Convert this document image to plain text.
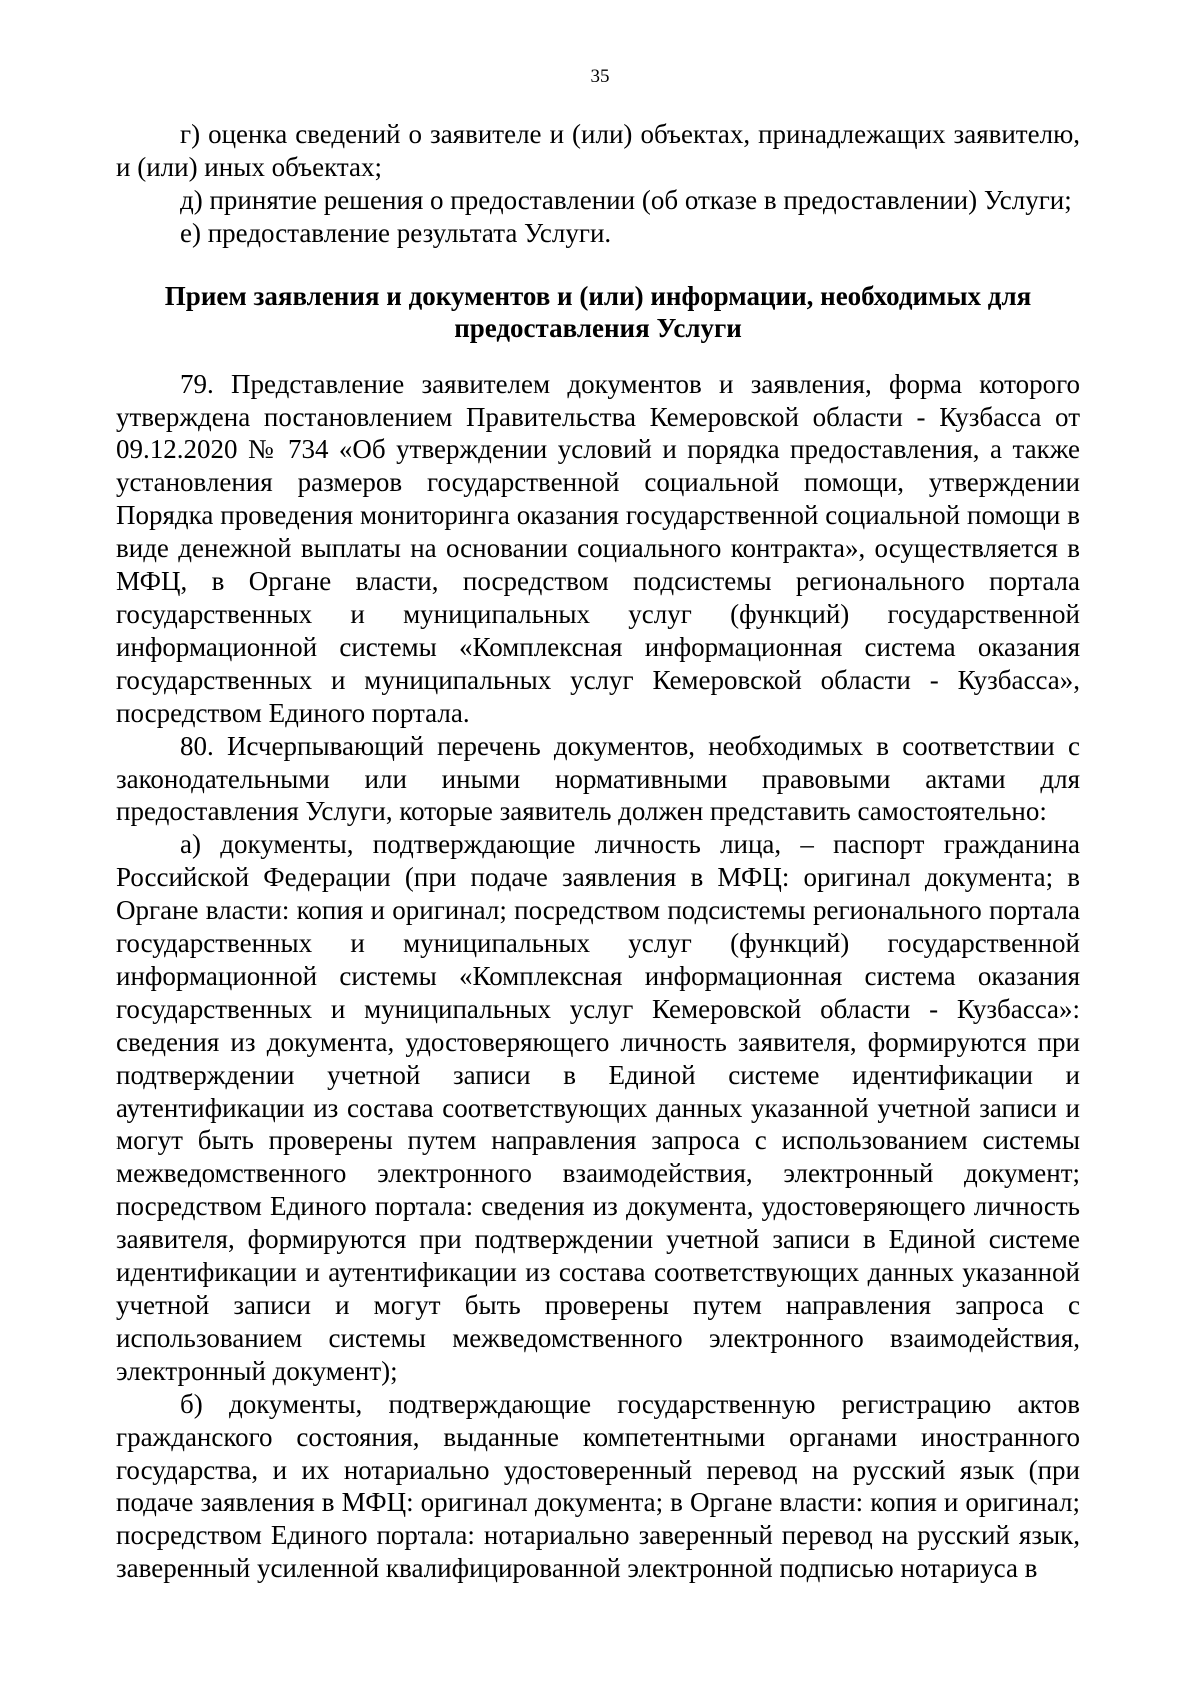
35

г) оценка сведений о заявителе и (или) объектах, принадлежащих заявителю, и (или) иных объектах;

д) принятие решения о предоставлении (об отказе в предоставлении) Услуги;

е) предоставление результата Услуги.

Прием заявления и документов и (или) информации, необходимых для предоставления Услуги

79. Представление заявителем документов и заявления, форма которого утверждена постановлением Правительства Кемеровской области - Кузбасса от 09.12.2020 № 734 «Об утверждении условий и порядка предоставления, а также установления размеров государственной социальной помощи, утверждении Порядка проведения мониторинга оказания государственной социальной помощи в виде денежной выплаты на основании социального контракта», осуществляется в МФЦ, в Органе власти, посредством подсистемы регионального портала государственных и муниципальных услуг (функций) государственной информационной системы «Комплексная информационная система оказания государственных и муниципальных услуг Кемеровской области - Кузбасса», посредством Единого портала.

80. Исчерпывающий перечень документов, необходимых в соответствии с законодательными или иными нормативными правовыми актами для предоставления Услуги, которые заявитель должен представить самостоятельно:

а) документы, подтверждающие личность лица, – паспорт гражданина Российской Федерации (при подаче заявления в МФЦ: оригинал документа; в Органе власти: копия и оригинал; посредством подсистемы регионального портала государственных и муниципальных услуг (функций) государственной информационной системы «Комплексная информационная система оказания государственных и муниципальных услуг Кемеровской области - Кузбасса»: сведения из документа, удостоверяющего личность заявителя, формируются при подтверждении учетной записи в Единой системе идентификации и аутентификации из состава соответствующих данных указанной учетной записи и могут быть проверены путем направления запроса с использованием системы межведомственного электронного взаимодействия, электронный документ; посредством Единого портала: сведения из документа, удостоверяющего личность заявителя, формируются при подтверждении учетной записи в Единой системе идентификации и аутентификации из состава соответствующих данных указанной учетной записи и могут быть проверены путем направления запроса с использованием системы межведомственного электронного взаимодействия, электронный документ);

б) документы, подтверждающие государственную регистрацию актов гражданского состояния, выданные компетентными органами иностранного государства, и их нотариально удостоверенный перевод на русский язык (при подаче заявления в МФЦ: оригинал документа; в Органе власти: копия и оригинал; посредством Единого портала: нотариально заверенный перевод на русский язык, заверенный усиленной квалифицированной электронной подписью нотариуса в
